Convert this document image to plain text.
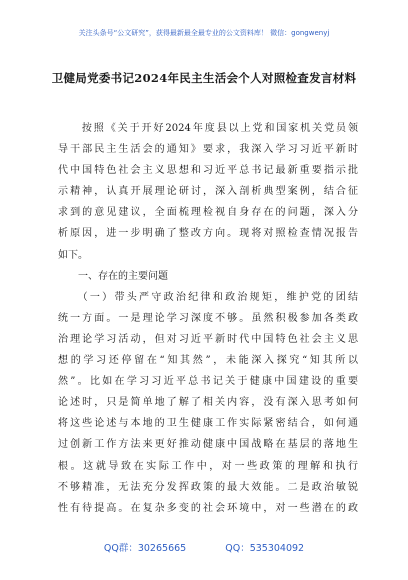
关注头条号“公文研究”，获得最新最全最专业的公文资料库！ 微信：gongwenyj
卫健局党委书记2024年民主生活会个人对照检查发言材料
　　按照《关于开好2024年度县以上党和国家机关党员领
导干部民主生活会的通知》要求，我深入学习习近平新时
代中国特色社会主义思想和习近平总书记最新重要指示批
示精神，认真开展理论研讨，深入剖析典型案例，结合征
求到的意见建议，全面梳理检视自身存在的问题，深入分
析原因，进一步明确了整改方向。现将对照检查情况报告
如下。
　　一、存在的主要问题
　　（一）带头严守政治纪律和政治规矩，维护党的团结
统一方面。一是理论学习深度不够。虽然积极参加各类政
治理论学习活动，但对习近平新时代中国特色社会主义思
想的学习还停留在“知其然”，未能深入探究“知其所以
然”。比如在学习习近平总书记关于健康中国建设的重要
论述时，只是简单地了解了相关内容，没有深入思考如何
将这些论述与本地的卫生健康工作实际紧密结合，如何通
过创新工作方法来更好推动健康中国战略在基层的落地生
根。这就导致在实际工作中，对一些政策的理解和执行
不够精准，无法充分发挥政策的最大效能。二是政治敏锐
性有待提高。在复杂多变的社会环境中，对一些潜在的政
QQ群：30265665	QQ：535304092
